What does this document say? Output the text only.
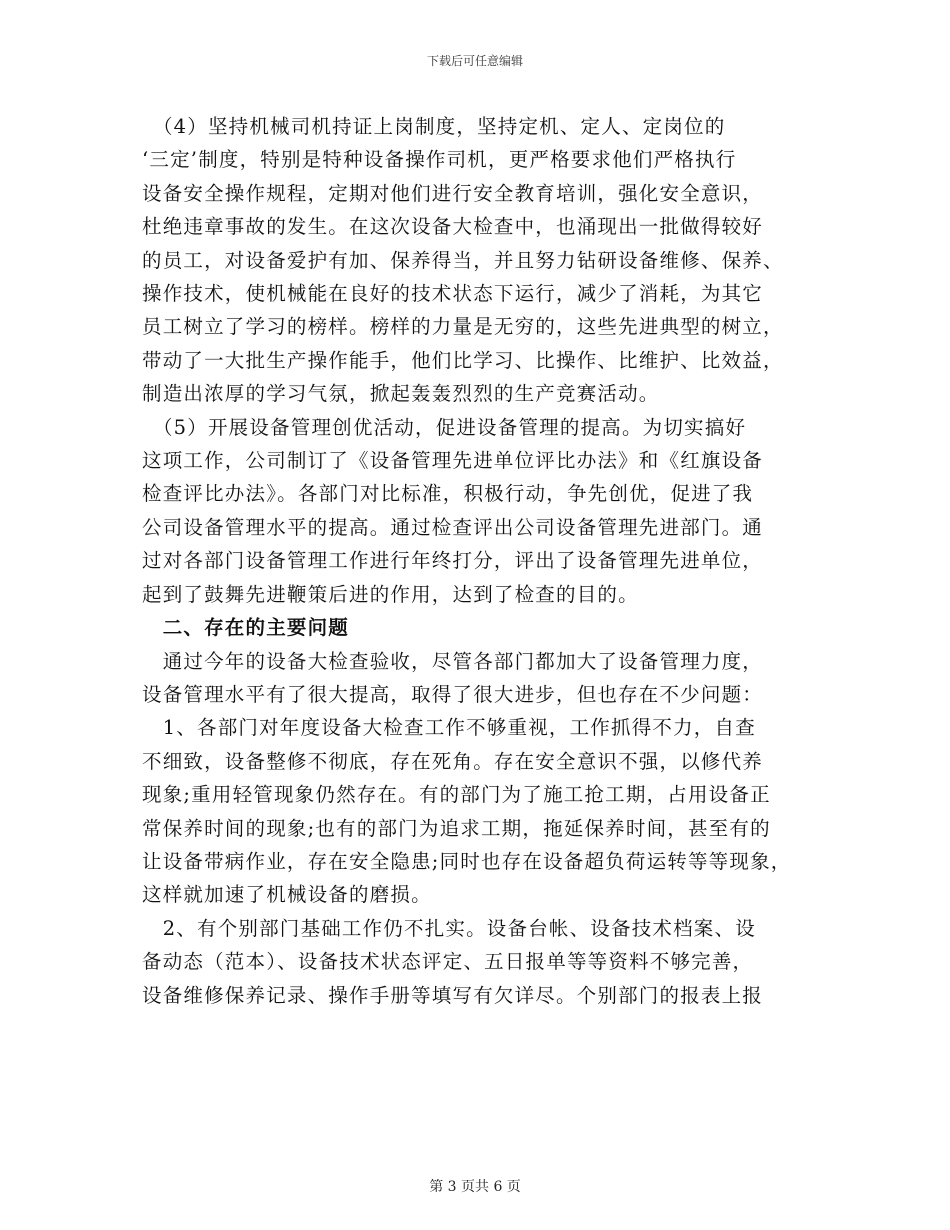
下载后可任意编辑

　（4）坚持机械司机持证上岗制度，坚持定机、定人、定岗位的
‘三定’制度，特别是特种设备操作司机，更严格要求他们严格执行
设备安全操作规程，定期对他们进行安全教育培训，强化安全意识，
杜绝违章事故的发生。在这次设备大检查中，也涌现出一批做得较好
的员工，对设备爱护有加、保养得当，并且努力钻研设备维修、保养、
操作技术，使机械能在良好的技术状态下运行，减少了消耗，为其它
员工树立了学习的榜样。榜样的力量是无穷的，这些先进典型的树立，
带动了一大批生产操作能手，他们比学习、比操作、比维护、比效益，
制造出浓厚的学习气氛，掀起轰轰烈烈的生产竞赛活动。

　（5）开展设备管理创优活动，促进设备管理的提高。为切实搞好
这项工作，公司制订了《设备管理先进单位评比办法》和《红旗设备
检查评比办法》。各部门对比标准，积极行动，争先创优，促进了我
公司设备管理水平的提高。通过检查评出公司设备管理先进部门。通
过对各部门设备管理工作进行年终打分，评出了设备管理先进单位，
起到了鼓舞先进鞭策后进的作用，达到了检查的目的。

　二、存在的主要问题

　通过今年的设备大检查验收，尽管各部门都加大了设备管理力度，
设备管理水平有了很大提高，取得了很大进步，但也存在不少问题：

　1、各部门对年度设备大检查工作不够重视，工作抓得不力，自查
不细致，设备整修不彻底，存在死角。存在安全意识不强，以修代养
现象;重用轻管现象仍然存在。有的部门为了施工抢工期，占用设备正
常保养时间的现象;也有的部门为追求工期，拖延保养时间，甚至有的
让设备带病作业，存在安全隐患;同时也存在设备超负荷运转等等现象，
这样就加速了机械设备的磨损。

　2、有个别部门基础工作仍不扎实。设备台帐、设备技术档案、设
备动态（范本）、设备技术状态评定、五日报单等等资料不够完善，
设备维修保养记录、操作手册等填写有欠详尽。个别部门的报表上报

第 3 页共 6 页
